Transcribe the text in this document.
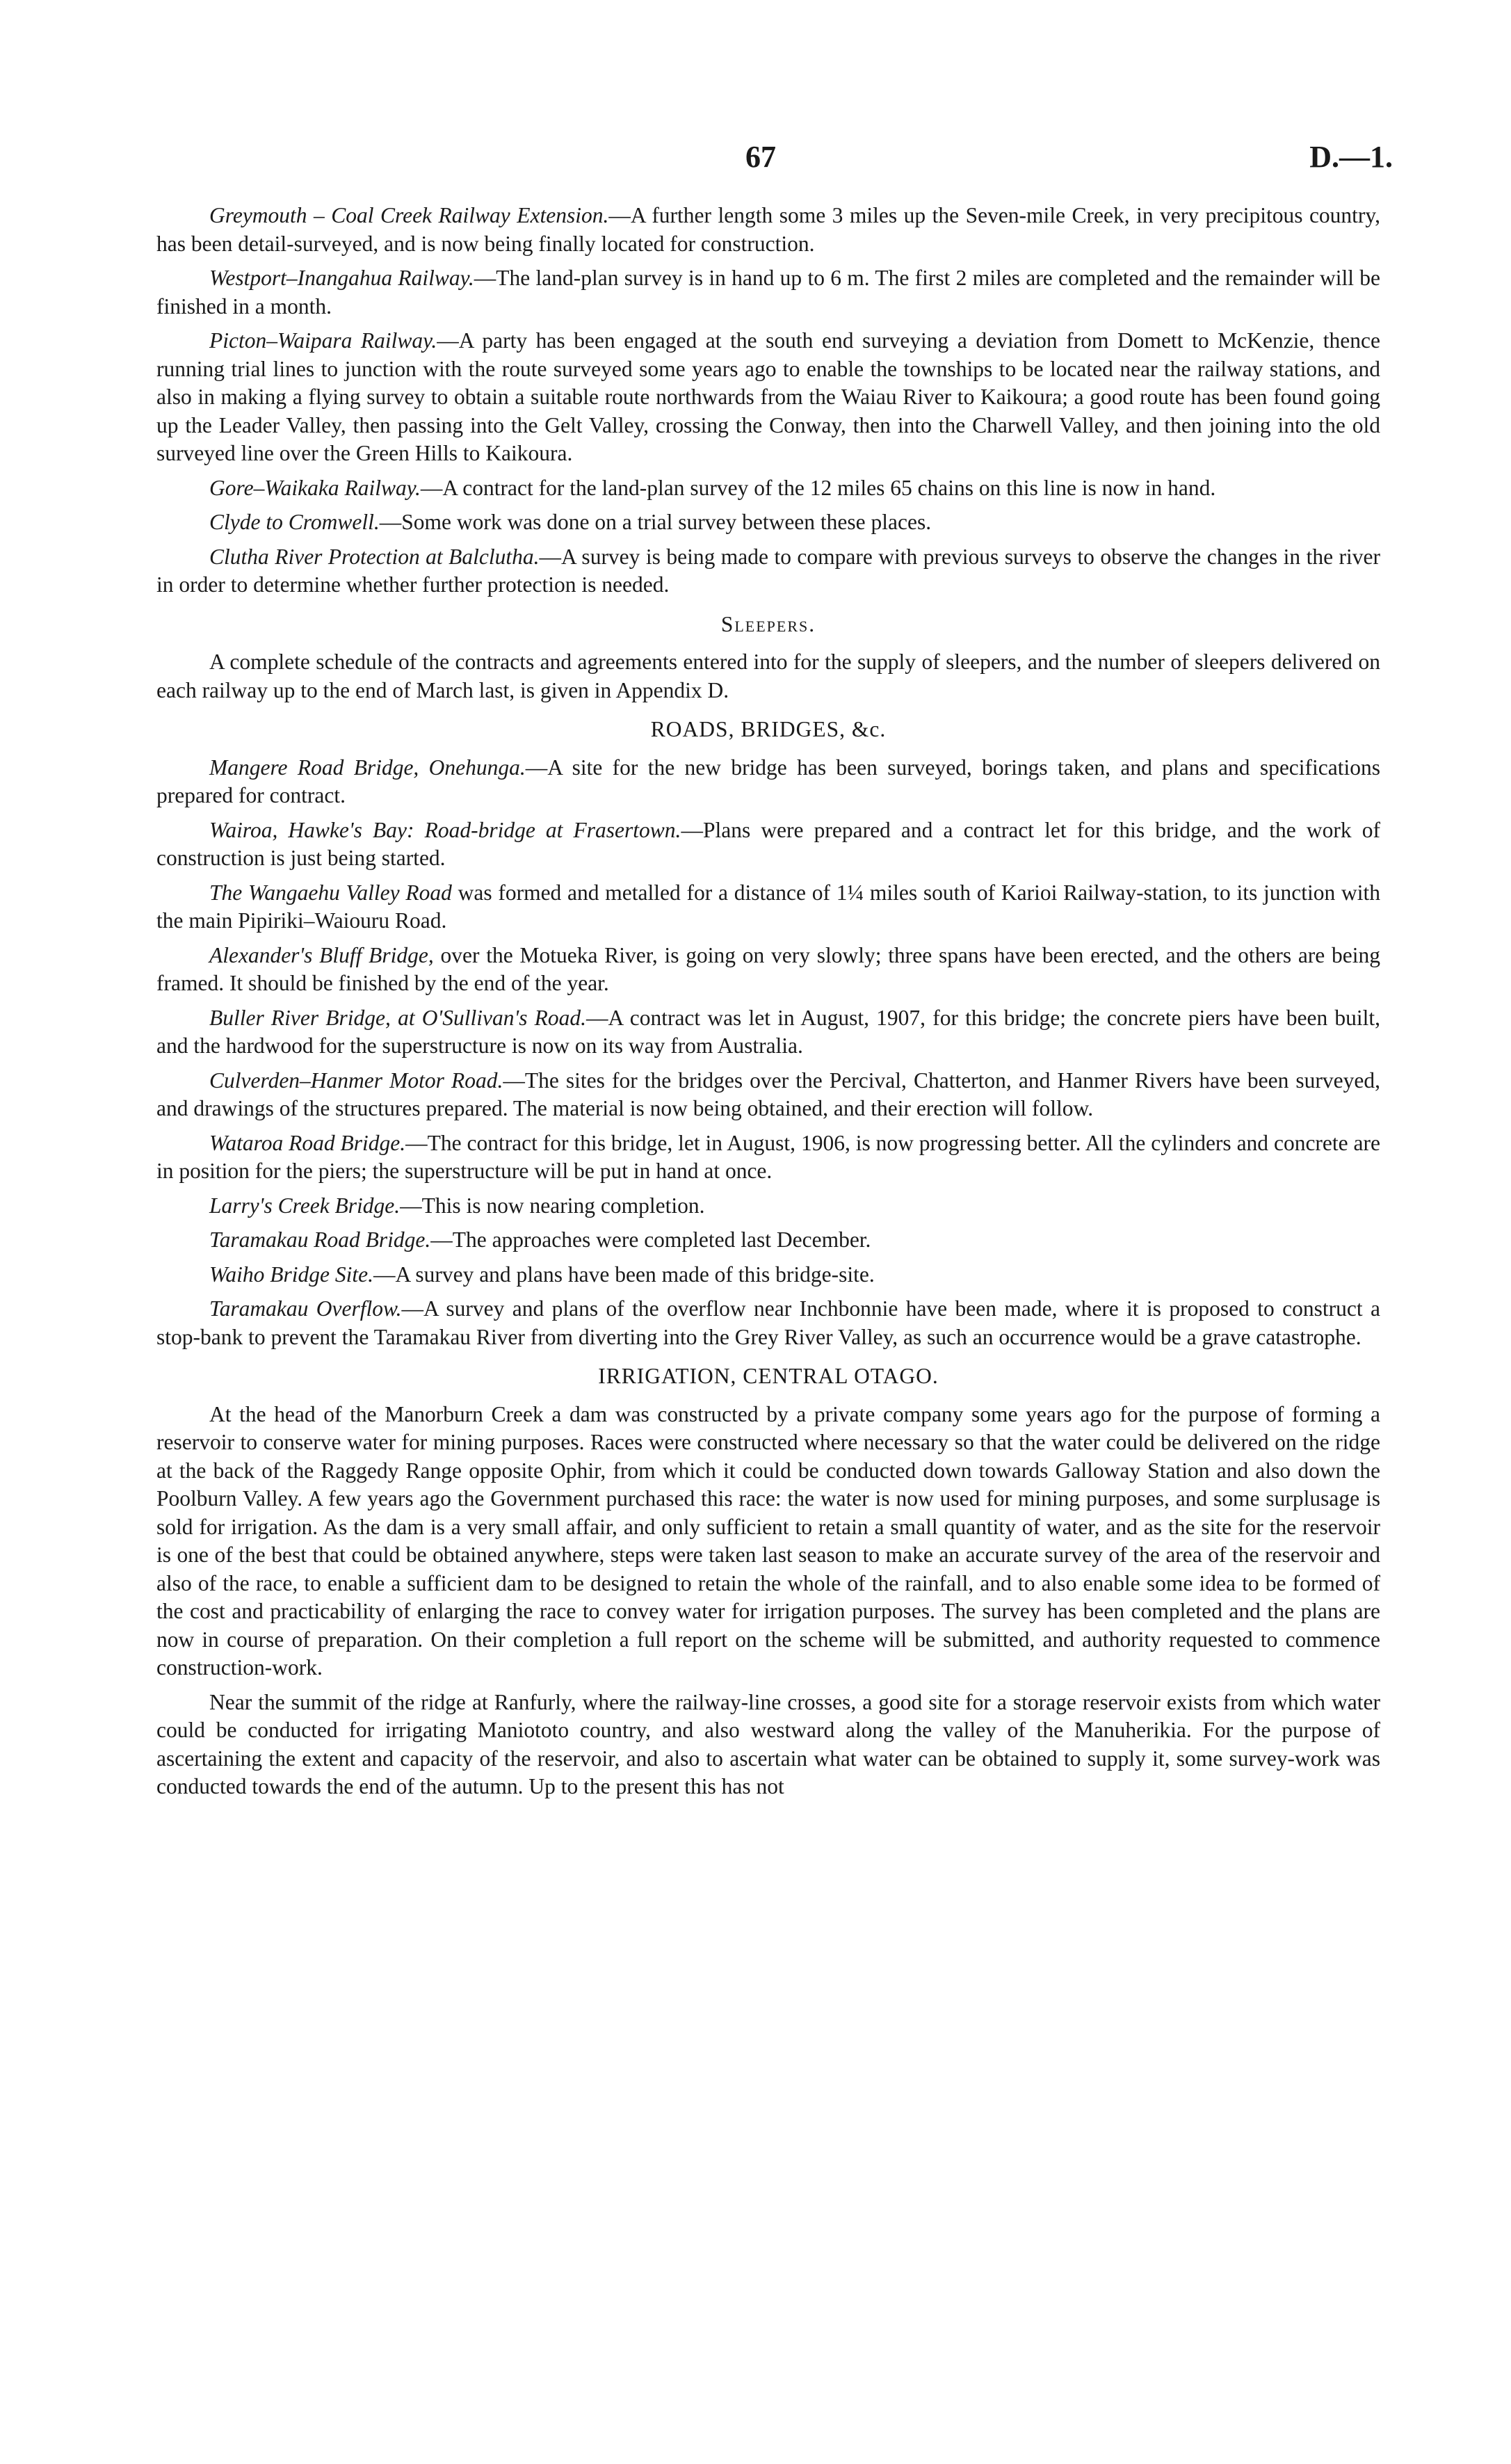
67	D.—1.

Greymouth – Coal Creek Railway Extension.—A further length some 3 miles up the Seven-mile Creek, in very precipitous country, has been detail-surveyed, and is now being finally located for construction.

Westport–Inangahua Railway.—The land-plan survey is in hand up to 6 m. The first 2 miles are completed and the remainder will be finished in a month.

Picton–Waipara Railway.—A party has been engaged at the south end surveying a deviation from Domett to McKenzie, thence running trial lines to junction with the route surveyed some years ago to enable the townships to be located near the railway stations, and also in making a flying survey to obtain a suitable route northwards from the Waiau River to Kaikoura; a good route has been found going up the Leader Valley, then passing into the Gelt Valley, crossing the Conway, then into the Charwell Valley, and then joining into the old surveyed line over the Green Hills to Kaikoura.

Gore–Waikaka Railway.—A contract for the land-plan survey of the 12 miles 65 chains on this line is now in hand.

Clyde to Cromwell.—Some work was done on a trial survey between these places.

Clutha River Protection at Balclutha.—A survey is being made to compare with previous surveys to observe the changes in the river in order to determine whether further protection is needed.

Sleepers.

A complete schedule of the contracts and agreements entered into for the supply of sleepers, and the number of sleepers delivered on each railway up to the end of March last, is given in Appendix D.

ROADS, BRIDGES, &c.

Mangere Road Bridge, Onehunga.—A site for the new bridge has been surveyed, borings taken, and plans and specifications prepared for contract.

Wairoa, Hawke's Bay: Road-bridge at Frasertown.—Plans were prepared and a contract let for this bridge, and the work of construction is just being started.

The Wangaehu Valley Road was formed and metalled for a distance of 1¼ miles south of Karioi Railway-station, to its junction with the main Pipiriki–Waiouru Road.

Alexander's Bluff Bridge, over the Motueka River, is going on very slowly; three spans have been erected, and the others are being framed. It should be finished by the end of the year.

Buller River Bridge, at O'Sullivan's Road.—A contract was let in August, 1907, for this bridge; the concrete piers have been built, and the hardwood for the superstructure is now on its way from Australia.

Culverden–Hanmer Motor Road.—The sites for the bridges over the Percival, Chatterton, and Hanmer Rivers have been surveyed, and drawings of the structures prepared. The material is now being obtained, and their erection will follow.

Wataroa Road Bridge.—The contract for this bridge, let in August, 1906, is now progressing better. All the cylinders and concrete are in position for the piers; the superstructure will be put in hand at once.

Larry's Creek Bridge.—This is now nearing completion.

Taramakau Road Bridge.—The approaches were completed last December.

Waiho Bridge Site.—A survey and plans have been made of this bridge-site.

Taramakau Overflow.—A survey and plans of the overflow near Inchbonnie have been made, where it is proposed to construct a stop-bank to prevent the Taramakau River from diverting into the Grey River Valley, as such an occurrence would be a grave catastrophe.

IRRIGATION, CENTRAL OTAGO.

At the head of the Manorburn Creek a dam was constructed by a private company some years ago for the purpose of forming a reservoir to conserve water for mining purposes. Races were constructed where necessary so that the water could be delivered on the ridge at the back of the Raggedy Range opposite Ophir, from which it could be conducted down towards Galloway Station and also down the Poolburn Valley. A few years ago the Government purchased this race: the water is now used for mining purposes, and some surplusage is sold for irrigation. As the dam is a very small affair, and only sufficient to retain a small quantity of water, and as the site for the reservoir is one of the best that could be obtained anywhere, steps were taken last season to make an accurate survey of the area of the reservoir and also of the race, to enable a sufficient dam to be designed to retain the whole of the rainfall, and to also enable some idea to be formed of the cost and practicability of enlarging the race to convey water for irrigation purposes. The survey has been completed and the plans are now in course of preparation. On their completion a full report on the scheme will be submitted, and authority requested to commence construction-work.

Near the summit of the ridge at Ranfurly, where the railway-line crosses, a good site for a storage reservoir exists from which water could be conducted for irrigating Maniototo country, and also westward along the valley of the Manuherikia. For the purpose of ascertaining the extent and capacity of the reservoir, and also to ascertain what water can be obtained to supply it, some survey-work was conducted towards the end of the autumn. Up to the present this has not
